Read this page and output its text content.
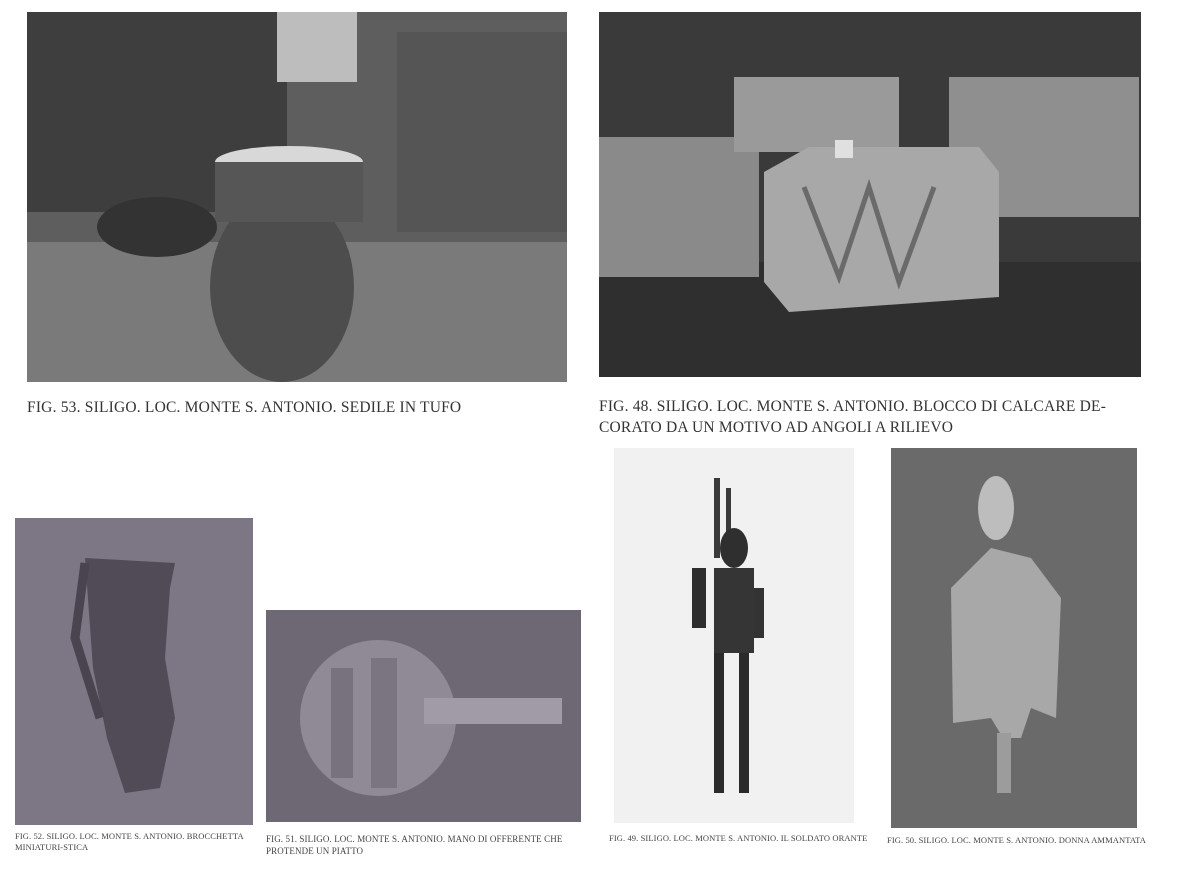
FIG. 53. SILIGO. LOC. MONTE S. ANTONIO. SEDILE IN TUFO	FIG. 48. SILIGO. LOC. MONTE S. ANTONIO. BLOCCO DI CALCARE DE-CORATO DA UN MOTIVO AD ANGOLI A RILIEVO
FIG. 52. SILIGO. LOC. MONTE S. ANTONIO. BROCCHETTA MINIATURI-STICA
FIG. 51. SILIGO. LOC. MONTE S. ANTONIO. MANO DI OFFERENTE CHE PROTENDE UN PIATTO
FIG. 49. SILIGO. LOC. MONTE S. ANTONIO. IL SOLDATO ORANTE FIG. 50. SILIGO. LOC. MONTE S. ANTONIO. DONNA AMMANTATA
